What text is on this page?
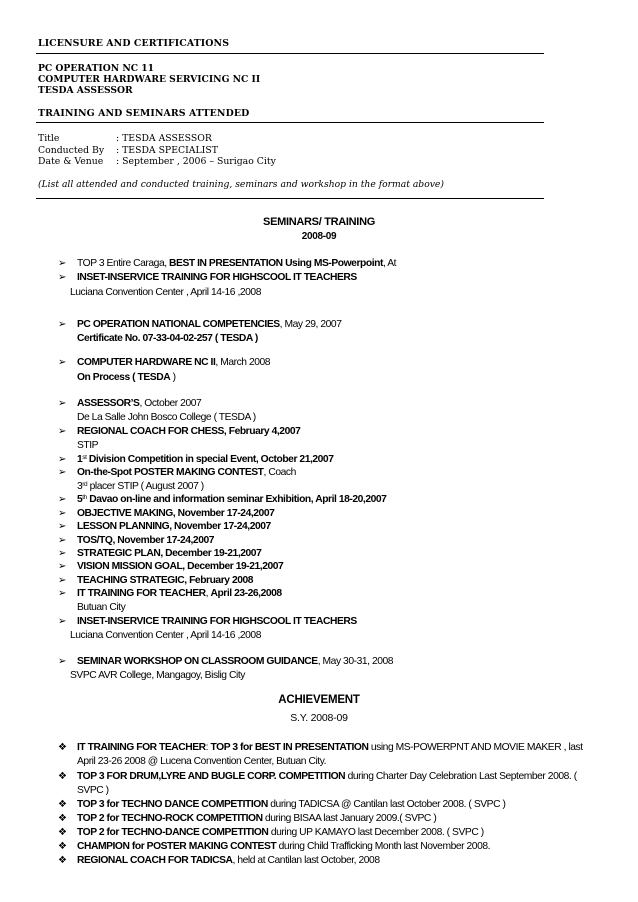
LICENSURE AND CERTIFICATIONS
PC OPERATION NC 11
COMPUTER HARDWARE SERVICING NC II
TESDA ASSESSOR
TRAINING AND SEMINARS ATTENDED
Title	: TESDA ASSESSOR
Conducted By : TESDA SPECIALIST
Date & Venue : September , 2006 – Surigao City
(List all attended and conducted training, seminars and workshop in the format above)
SEMINARS/ TRAINING
2008-09
➢ TOP 3 Entire Caraga, BEST IN PRESENTATION Using MS-Powerpoint, At
➢ INSET-INSERVICE TRAINING FOR HIGHSCOOL IT TEACHERS
Luciana Convention Center , April 14-16 ,2008
➢ PC OPERATION NATIONAL COMPETENCIES, May 29, 2007
Certificate No. 07-33-04-02-257 ( TESDA )
➢ COMPUTER HARDWARE NC II, March 2008
On Process ( TESDA )
➢ ASSESSOR’S, October 2007
De La Salle John Bosco College ( TESDA )
➢ REGIONAL COACH FOR CHESS, February 4,2007
STIP
➢ 1st Division Competition in special Event, October 21,2007
➢ On-the-Spot POSTER MAKING CONTEST, Coach
3rd placer STIP ( August 2007 )
➢ 5th Davao on-line and information seminar Exhibition, April 18-20,2007
➢ OBJECTIVE MAKING, November 17-24,2007
➢ LESSON PLANNING, November 17-24,2007
➢ TOS/TQ, November 17-24,2007
➢ STRATEGIC PLAN, December 19-21,2007
➢ VISION MISSION GOAL, December 19-21,2007
➢ TEACHING STRATEGIC, February 2008
➢ IT TRAINING FOR TEACHER, April 23-26,2008
Butuan City
➢ INSET-INSERVICE TRAINING FOR HIGHSCOOL IT TEACHERS
Luciana Convention Center , April 14-16 ,2008
➢ SEMINAR WORKSHOP ON CLASSROOM GUIDANCE, May 30-31, 2008
SVPC AVR College, Mangagoy, Bislig City
ACHIEVEMENT
S.Y. 2008-09
❖ IT TRAINING FOR TEACHER: TOP 3 for BEST IN PRESENTATION using MS-POWERPNT AND MOVIE MAKER , last
April 23-26 2008 @ Lucena Convention Center, Butuan City.
❖ TOP 3 FOR DRUM,LYRE AND BUGLE CORP. COMPETITION during Charter Day Celebration Last September 2008. (
SVPC )
❖ TOP 3 for TECHNO DANCE COMPETITION during TADICSA @ Cantilan last October 2008. ( SVPC )
❖ TOP 2 for TECHNO-ROCK COMPETITION during BISAA last January 2009.( SVPC )
❖ TOP 2 for TECHNO-DANCE COMPETITION during UP KAMAYO last December 2008. ( SVPC )
❖ CHAMPION for POSTER MAKING CONTEST during Child Trafficking Month last November 2008.
❖ REGIONAL COACH FOR TADICSA, held at Cantilan last October, 2008
